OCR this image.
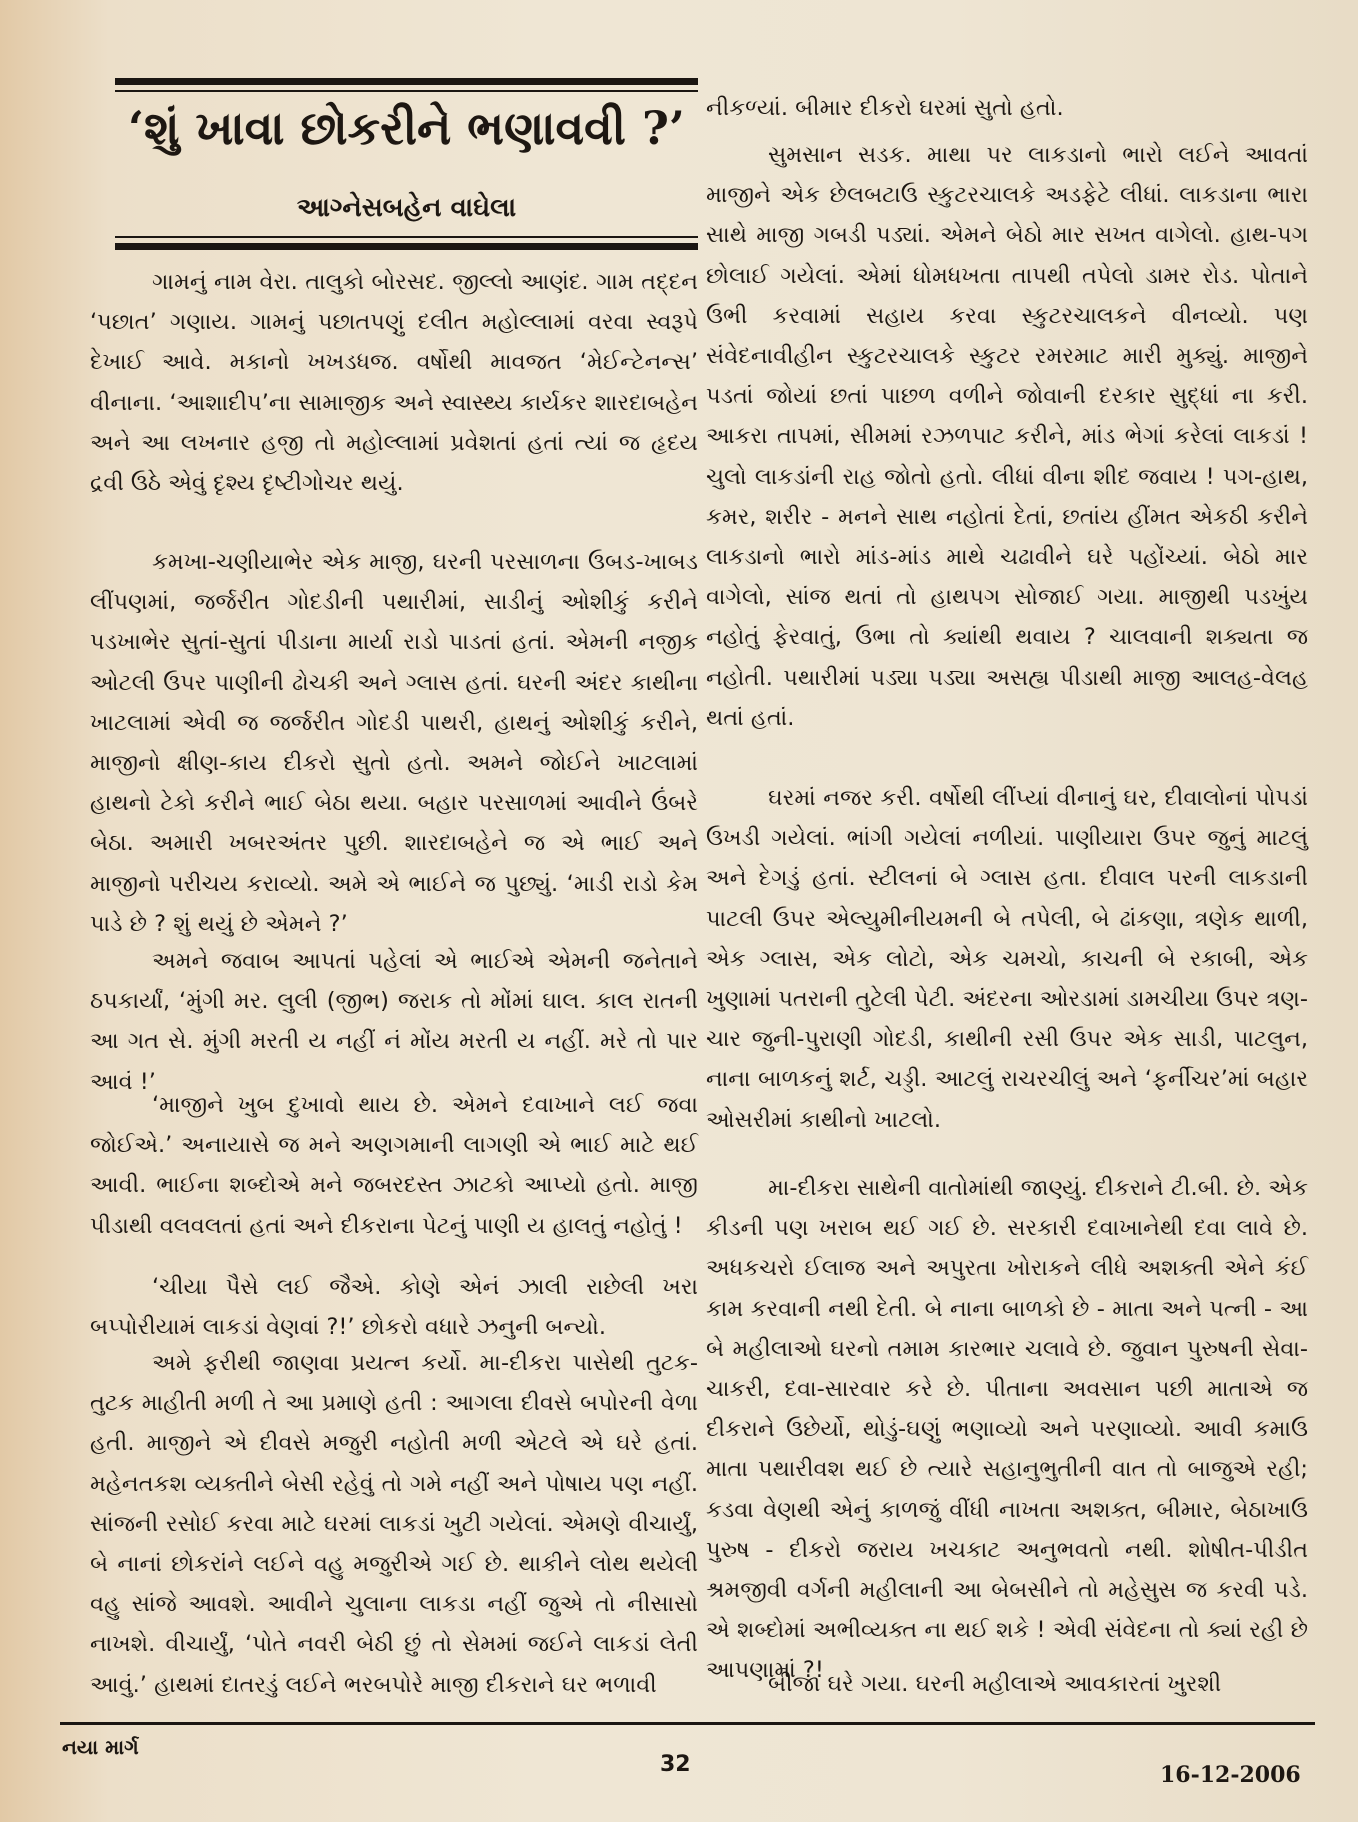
‘શું ખાવા છોકરીને ભણાવવી ?’
આગ્નેસબહેન વાઘેલા

ગામનું નામ વેરા. તાલુકો બોરસદ. જીલ્લો આણંદ. ગામ તદ્દન ‘પછાત’ ગણાય. ગામનું પછાતપણું દલીત મહોલ્લામાં વરવા સ્વરૂપે દેખાઈ આવે. મકાનો ખખડધજ. વર્ષોથી માવજત ‘મેઈન્ટેનન્સ’ વીનાના. ‘આશાદીપ’ના સામાજીક અને સ્વાસ્થ્ય કાર્યકર શારદાબહેન અને આ લખનાર હજી તો મહોલ્લામાં પ્રવેશતાં હતાં ત્યાં જ હૃદય દ્રવી ઉઠે એવું દૃશ્ય દૃષ્ટીગોચર થયું.

કમખા-ચણીયાભેર એક માજી, ઘરની પરસાળના ઉબડ-ખાબડ લીંપણમાં, જર્જરીત ગોદડીની પથારીમાં, સાડીનું ઓશીકું કરીને પડખાભેર સુતાં-સુતાં પીડાના માર્યા રાડો પાડતાં હતાં. એમની નજીક ઓટલી ઉપર પાણીની ઢોચકી અને ગ્લાસ હતાં. ઘરની અંદર કાથીના ખાટલામાં એવી જ જર્જરીત ગોદડી પાથરી, હાથનું ઓશીકું કરીને, માજીનો ક્ષીણ-કાય દીકરો સુતો હતો. અમને જોઈને ખાટલામાં હાથનો ટેકો કરીને ભાઈ બેઠા થયા. બહાર પરસાળમાં આવીને ઉંબરે બેઠા. અમારી ખબરઅંતર પુછી. શારદાબહેને જ એ ભાઈ અને માજીનો પરીચય કરાવ્યો. અમે એ ભાઈને જ પુછ્યું. ‘માડી રાડો કેમ પાડે છે ? શું થયું છે એમને ?’

અમને જવાબ આપતાં પહેલાં એ ભાઈએ એમની જનેતાને ઠપકાર્યાં, ‘મુંગી મર. લુલી (જીભ) જરાક તો મોંમાં ઘાલ. કાલ રાતની આ ગત સે. મુંગી મરતી ય નહીં નં મોંય મરતી ય નહીં. મરે તો પાર આવં !’

‘માજીને ખુબ દુખાવો થાય છે. એમને દવાખાને લઈ જવા જોઈએ.’ અનાયાસે જ મને અણગમાની લાગણી એ ભાઈ માટે થઈ આવી. ભાઈના શબ્દોએ મને જબરદસ્ત ઝાટકો આપ્યો હતો. માજી પીડાથી વલવલતાં હતાં અને દીકરાના પેટનું પાણી ય હાલતું નહોતું !

‘ચીયા પૈસે લઈ જૈએ. કોણે એનં ઝાલી રાછેલી ખરા બપ્પોરીયામં લાકડાં વેણવાં ?!’ છોકરો વધારે ઝનુની બન્યો.

અમે ફરીથી જાણવા પ્રયત્ન કર્યો. મા-દીકરા પાસેથી તુટક-તુટક માહીતી મળી તે આ પ્રમાણે હતી : આગલા દીવસે બપોરની વેળા હતી. માજીને એ દીવસે મજુરી નહોતી મળી એટલે એ ઘરે હતાં. મહેનતકશ વ્યક્તીને બેસી રહેવું તો ગમે નહીં અને પોષાય પણ નહીં. સાંજની રસોઈ કરવા માટે ઘરમાં લાકડાં ખુટી ગયેલાં. એમણે વીચાર્યું, બે નાનાં છોકરાંને લઈને વહુ મજુરીએ ગઈ છે. થાકીને લોથ થયેલી વહુ સાંજે આવશે. આવીને ચુલાના લાકડા નહીં જુએ તો નીસાસો નાખશે. વીચાર્યું, ‘પોતે નવરી બેઠી છું તો સેમમાં જઈને લાકડાં લેતી આવું.’ હાથમાં દાતરડું લઈને ભરબપોરે માજી દીકરાને ઘર ભળાવી

નીકળ્યાં. બીમાર દીકરો ઘરમાં સુતો હતો.

સુમસાન સડક. માથા પર લાકડાનો ભારો લઈને આવતાં માજીને એક છેલબટાઉ સ્કુટરચાલકે અડફેટે લીધાં. લાકડાના ભારા સાથે માજી ગબડી પડ્યાં. એમને બેઠો માર સખત વાગેલો. હાથ-પગ છોલાઈ ગયેલાં. એમાં ધોમધખતા તાપથી તપેલો ડામર રોડ. પોતાને ઉભી કરવામાં સહાય કરવા સ્કુટરચાલકને વીનવ્યો. પણ સંવેદનાવીહીન સ્કુટરચાલકે સ્કુટર રમરમાટ મારી મુક્યું. માજીને પડતાં જોયાં છતાં પાછળ વળીને જોવાની દરકાર સુદ્ધાં ના કરી. આકરા તાપમાં, સીમમાં રઝળપાટ કરીને, માંડ ભેગાં કરેલાં લાકડાં ! ચુલો લાકડાંની રાહ જોતો હતો. લીધાં વીના શીદ જવાય ! પગ-હાથ, કમર, શરીર - મનને સાથ નહોતાં દેતાં, છતાંય હીંમત એકઠી કરીને લાકડાનો ભારો માંડ-માંડ માથે ચઢાવીને ઘરે પહોંચ્યાં. બેઠો માર વાગેલો, સાંજ થતાં તો હાથપગ સોજાઈ ગયા. માજીથી પડખુંય નહોતું ફેરવાતું, ઉભા તો ક્યાંથી થવાય ? ચાલવાની શક્યતા જ નહોતી. પથારીમાં પડ્યા પડ્યા અસહ્ય પીડાથી માજી આલહ-વેલહ થતાં હતાં.

ઘરમાં નજર કરી. વર્ષોથી લીંપ્યાં વીનાનું ઘર, દીવાલોનાં પોપડાં ઉખડી ગયેલાં. ભાંગી ગયેલાં નળીયાં. પાણીયારા ઉપર જુનું માટલું અને દેગડું હતાં. સ્ટીલનાં બે ગ્લાસ હતા. દીવાલ પરની લાકડાની પાટલી ઉપર એલ્યુમીનીયમની બે તપેલી, બે ઢાંકણા, ત્રણેક થાળી, એક ગ્લાસ, એક લોટો, એક ચમચો, કાચની બે રકાબી, એક ખુણામાં પતરાની તુટેલી પેટી. અંદરના ઓરડામાં ડામચીયા ઉપર ત્રણ-ચાર જુની-પુરાણી ગોદડી, કાથીની રસી ઉપર એક સાડી, પાટલુન, નાના બાળકનું શર્ટ, ચડ્ડી. આટલું રાચરચીલું અને ‘ફર્નીચર’માં બહાર ઓસરીમાં કાથીનો ખાટલો.

મા-દીકરા સાથેની વાતોમાંથી જાણ્યું. દીકરાને ટી.બી. છે. એક કીડની પણ ખરાબ થઈ ગઈ છે. સરકારી દવાખાનેથી દવા લાવે છે. અધકચરો ઈલાજ અને અપુરતા ખોરાકને લીધે અશક્તી એને કંઈ કામ કરવાની નથી દેતી. બે નાના બાળકો છે - માતા અને પત્ની - આ બે મહીલાઓ ઘરનો તમામ કારભાર ચલાવે છે. જુવાન પુરુષની સેવા-ચાકરી, દવા-સારવાર કરે છે. પીતાના અવસાન પછી માતાએ જ દીકરાને ઉછેર્યો, થોડું-ઘણું ભણાવ્યો અને પરણાવ્યો. આવી કમાઉ માતા પથારીવશ થઈ છે ત્યારે સહાનુભુતીની વાત તો બાજુએ રહી; કડવા વેણથી એનું કાળજું વીંધી નાખતા અશક્ત, બીમાર, બેઠાખાઉ પુરુષ - દીકરો જરાય ખચકાટ અનુભવતો નથી. શોષીત-પીડીત શ્રમજીવી વર્ગની મહીલાની આ બેબસીને તો મહેસુસ જ કરવી પડે. એ શબ્દોમાં અભીવ્યક્ત ના થઈ શકે ! એવી સંવેદના તો ક્યાં રહી છે આપણામાં ?!

બીજા ઘરે ગયા. ઘરની મહીલાએ આવકારતાં ખુરશી

નયા માર્ગ
32	16-12-2006
